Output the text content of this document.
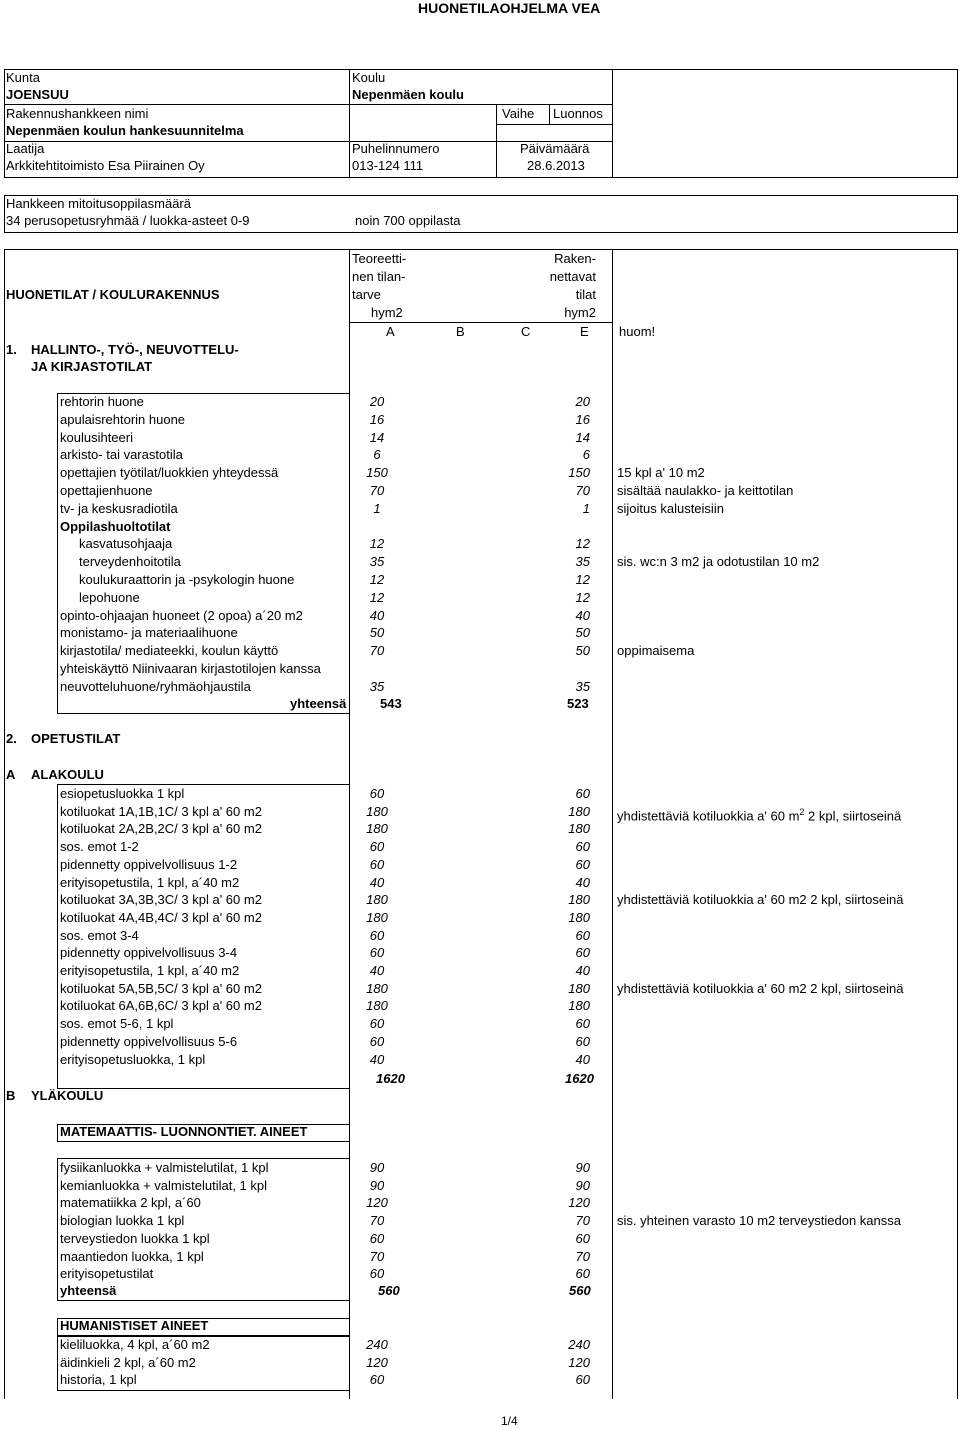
HUONETILAOHJELMA VEA
Kunta
JOENSUU
Koulu
Nepenmäen koulu
Rakennushankkeen nimi
Nepenmäen koulun hankesuunnitelma
Vaihe Luonnos
Laatija
Arkkitehtitoimisto Esa Piirainen Oy
Puhelinnumero
013-124 111
Päivämäärä
28.6.2013
Hankkeen mitoitusoppilasmäärä
34 perusopetusryhmää / luokka-asteet 0-9	noin 700 oppilasta
HUONETILAT / KOULURAKENNUS
Teoreetti-
nen tilan-
tarve
hym2
Raken-
nettavat
tilat
hym2
A	B	C	E huom!
1. HALLINTO-, TYÖ-, NEUVOTTELU-
JA KIRJASTOTILAT
rehtorin huone	20	20
apulaisrehtorin huone	16	16
koulusihteeri	14	14
arkisto- tai varastotila	6	6
opettajien työtilat/luokkien yhteydessä	150	150 15 kpl a' 10 m2
opettajienhuone	70	70 sisältää naulakko- ja keittotilan
tv- ja keskusradiotila	1	1 sijoitus kalusteisiin
Oppilashuoltotilat
kasvatusohjaaja	12	12
terveydenhoitotila	35	35 sis. wc:n 3 m2 ja odotustilan 10 m2
koulukuraattorin ja -psykologin huone	12	12
lepohuone	12	12
opinto-ohjaajan huoneet (2 opoa) a´20 m2	40	40
monistamo- ja materiaalihuone	50	50
kirjastotila/ mediateekki, koulun käyttö	70	50 oppimaisema
yhteiskäyttö Niinivaaran kirjastotilojen kanssa
neuvotteluhuone/ryhmäohjaustila	35	35
yhteensä	543	523
2. OPETUSTILAT
A ALAKOULU
esiopetusluokka 1 kpl	60	60
kotiluokat 1A,1B,1C/ 3 kpl a' 60 m2	180	180 yhdistettäviä kotiluokkia a' 60 $m^2$ 2 kpl, siirtoseinä
kotiluokat 2A,2B,2C/ 3 kpl a' 60 m2	180	180
sos. emot 1-2	60	60
pidennetty oppivelvollisuus 1-2	60	60
erityisopetustila, 1 kpl, a´40 m2	40	40
kotiluokat 3A,3B,3C/ 3 kpl a' 60 m2	180	180 yhdistettäviä kotiluokkia a' 60 m2 2 kpl, siirtoseinä
kotiluokat 4A,4B,4C/ 3 kpl a' 60 m2	180	180
sos. emot 3-4	60	60
pidennetty oppivelvollisuus 3-4	60	60
erityisopetustila, 1 kpl, a´40 m2	40	40
kotiluokat 5A,5B,5C/ 3 kpl a' 60 m2	180	180 yhdistettäviä kotiluokkia a' 60 m2 2 kpl, siirtoseinä
kotiluokat 6A,6B,6C/ 3 kpl a' 60 m2	180	180
sos. emot 5-6, 1 kpl	60	60
pidennetty oppivelvollisuus 5-6	60	60
erityisopetusluokka, 1 kpl	40	40
1620	1620
B YLÄKOULU
MATEMAATTIS- LUONNONTIET. AINEET
fysiikanluokka + valmistelutilat, 1 kpl	90	90
kemianluokka + valmistelutilat, 1 kpl	90	90
matematiikka 2 kpl, a´60	120	120
biologian luokka 1 kpl	70	70 sis. yhteinen varasto 10 m2 terveystiedon kanssa
terveystiedon luokka 1 kpl	60	60
maantiedon luokka, 1 kpl	70	70
erityisopetustilat	60	60
yhteensä	560	560
HUMANISTISET AINEET
kieliluokka, 4 kpl, a´60 m2	240	240
äidinkieli 2 kpl, a´60 m2	120	120
historia, 1 kpl	60	60
1/4
